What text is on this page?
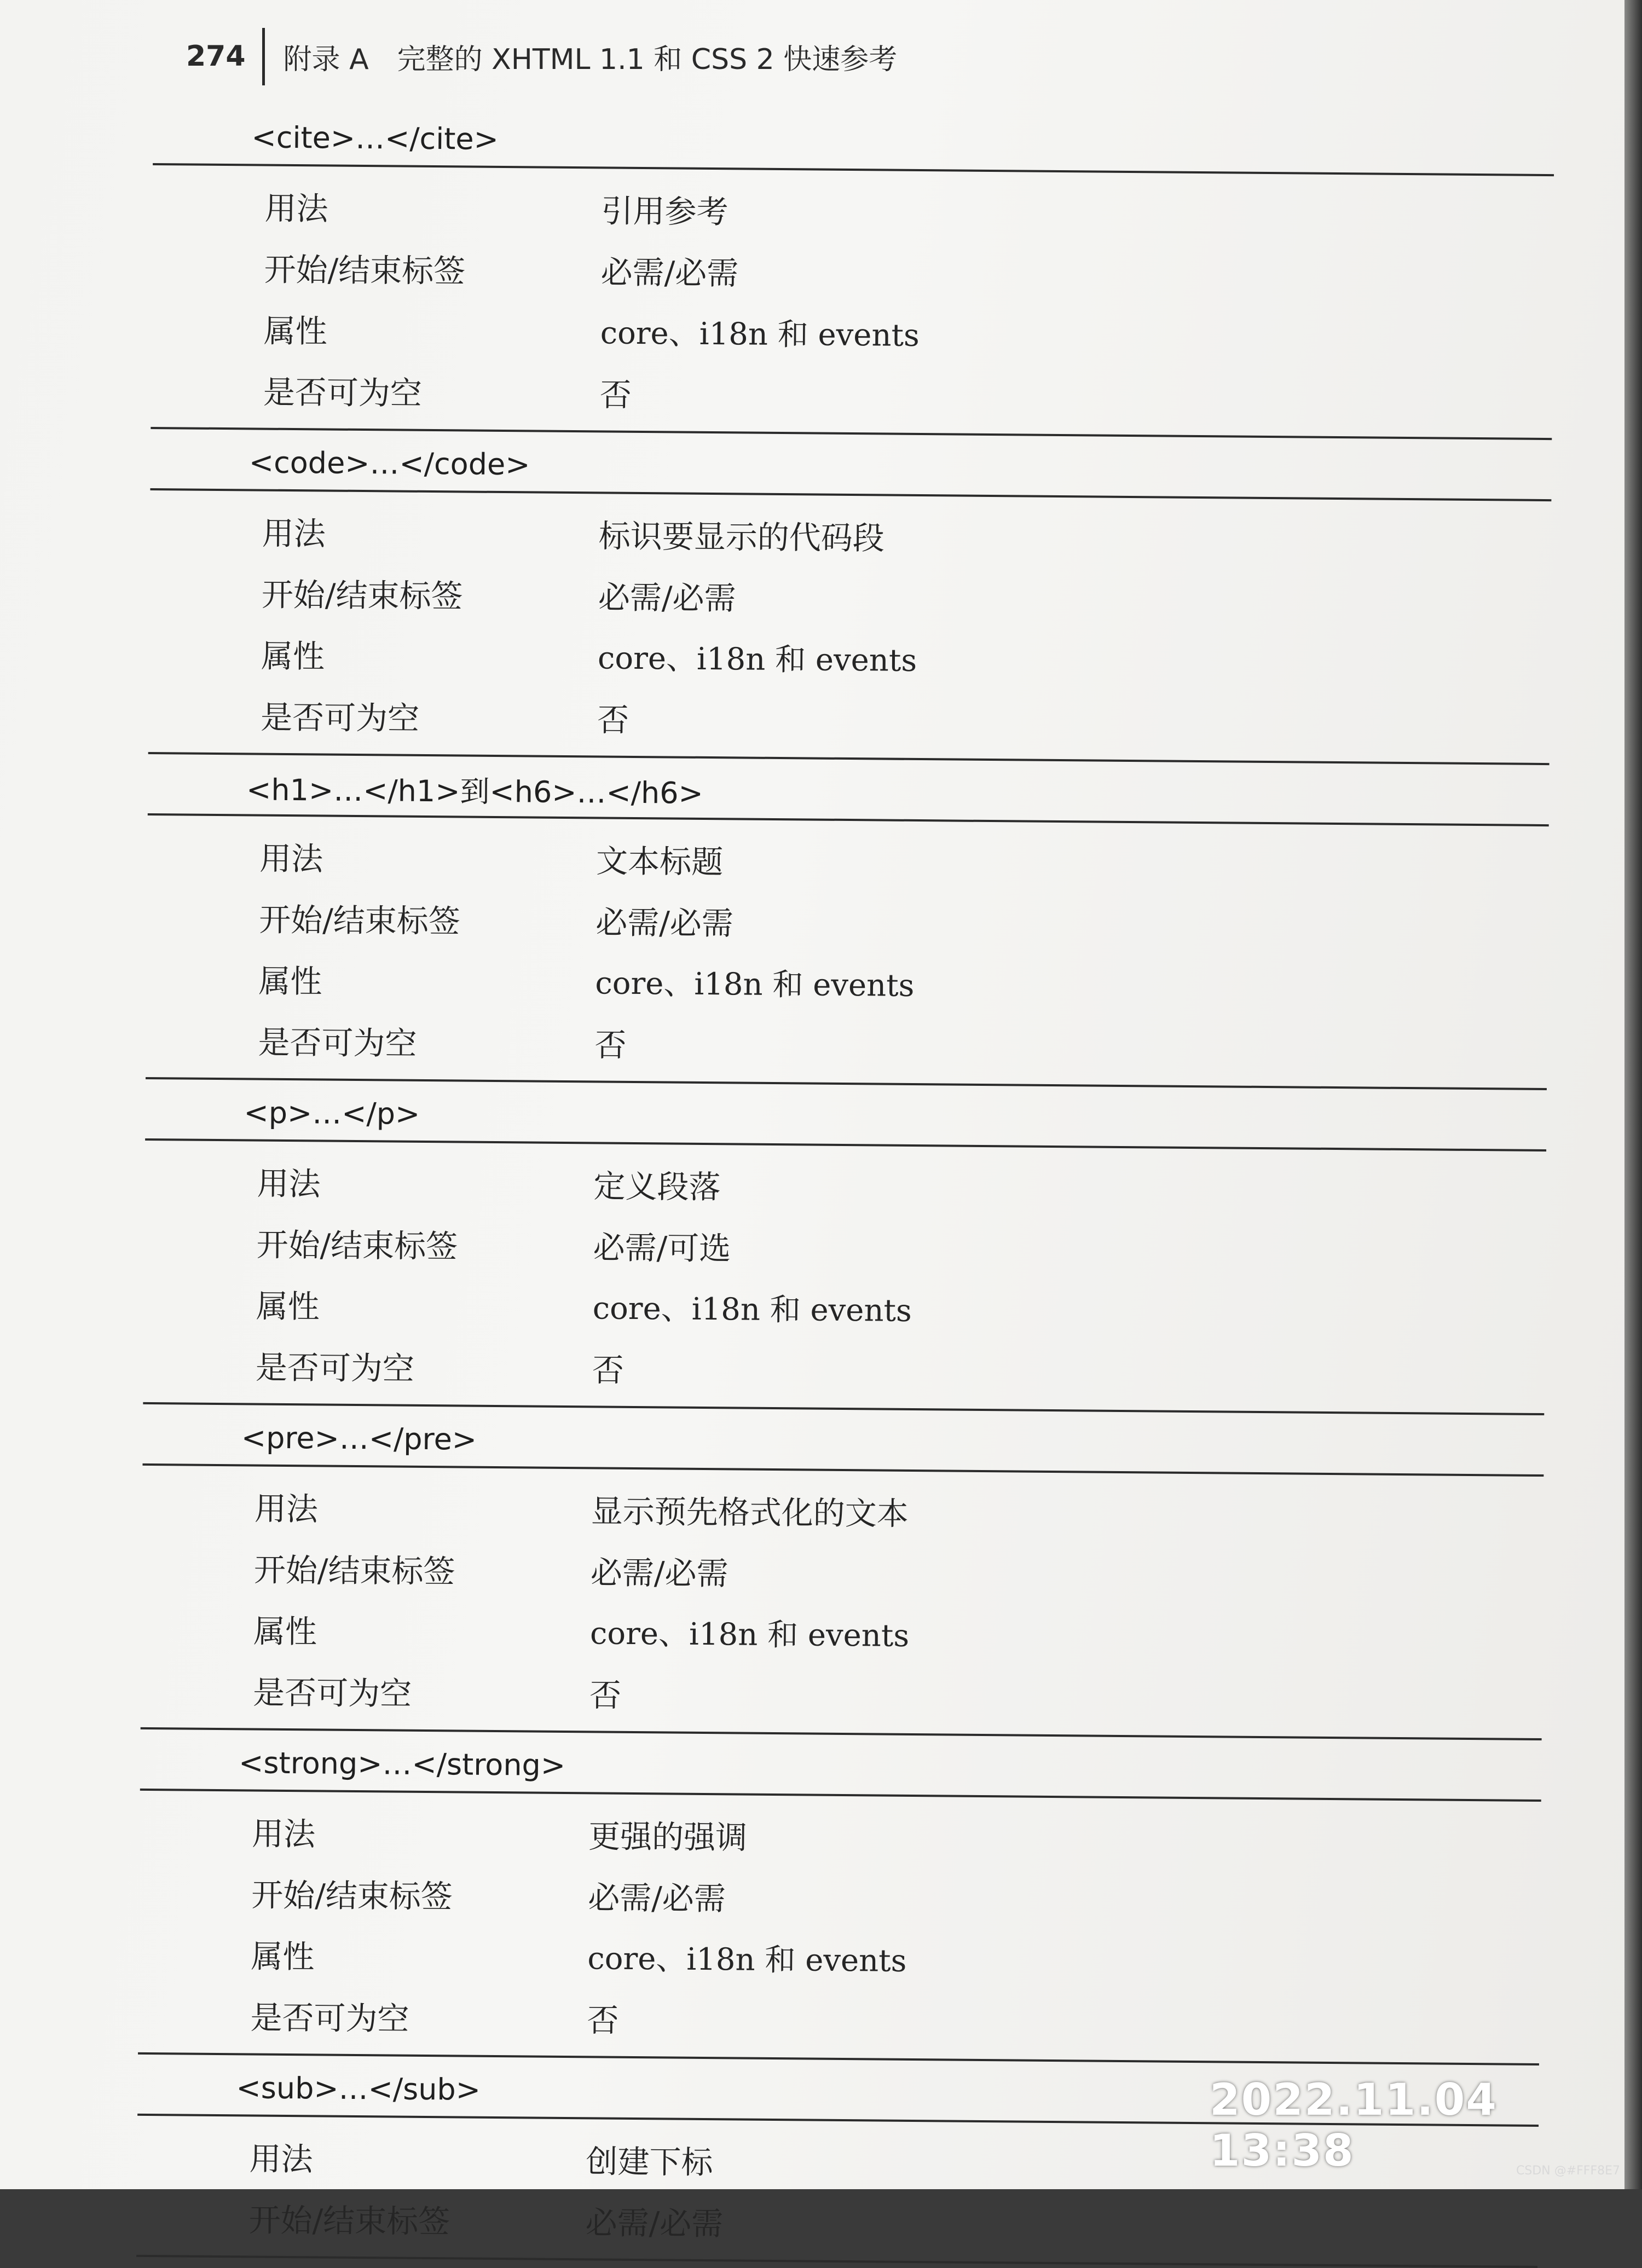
274	附录 A　完整的 XHTML 1.1 和 CSS 2 快速参考
<cite>…</cite>
用法	引用参考
开始/结束标签	必需/必需
属性	core、i18n 和 events
是否可为空	否
<code>…</code>
用法	标识要显示的代码段
开始/结束标签	必需/必需
属性	core、i18n 和 events
是否可为空	否
<h1>…</h1>到<h6>…</h6>
用法	文本标题
开始/结束标签	必需/必需
属性	core、i18n 和 events
是否可为空	否
<p>…</p>
用法	定义段落
开始/结束标签	必需/可选
属性	core、i18n 和 events
是否可为空	否
<pre>…</pre>
用法	显示预先格式化的文本
开始/结束标签	必需/必需
属性	core、i18n 和 events
是否可为空	否
<strong>…</strong>
用法	更强的强调
开始/结束标签	必需/必需
属性	core、i18n 和 events
是否可为空	否
<sub>…</sub>
用法	创建下标
开始/结束标签	必需/必需
2022.11.04 13:38	CSDN @#FFF8E7
